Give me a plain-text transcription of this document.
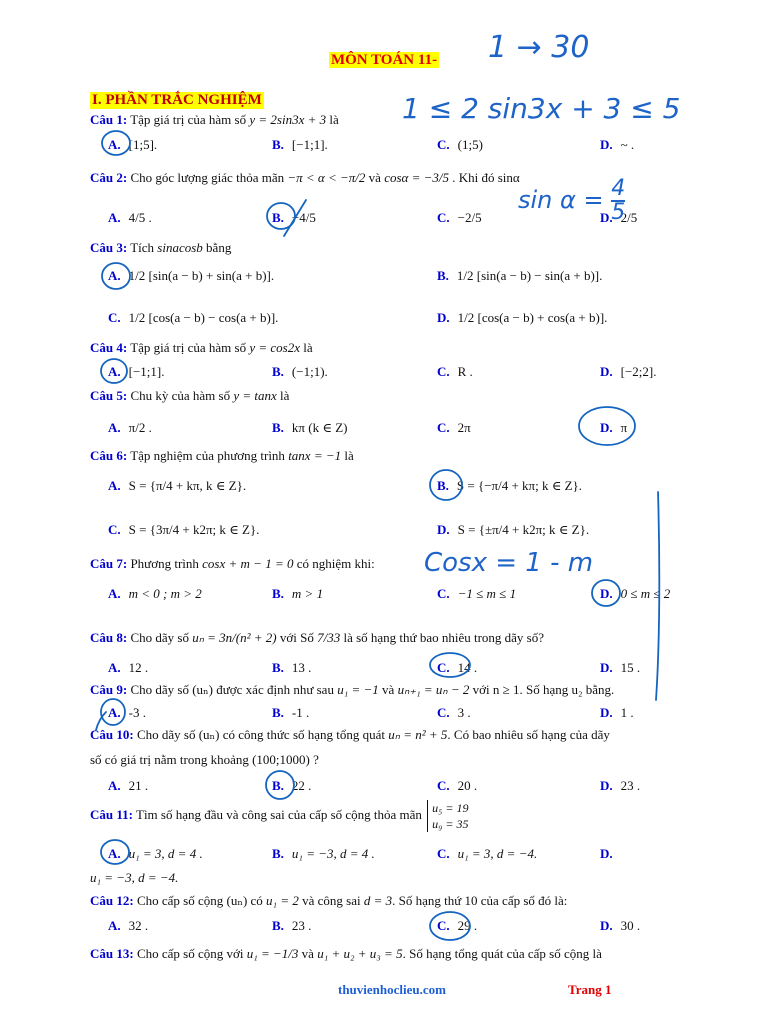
MÔN TOÁN 11-
I. PHẦN TRẮC NGHIỆM
Câu 1: Tập giá trị của hàm số y = 2sin3x + 3 là
A. [1;5].	B. [−1;1].	C. (1;5)	D. ~ .
Câu 2: Cho góc lượng giác thỏa mãn −π < α < −π/2 và cosα = −3/5 . Khi đó sinα
A. 4/5 .	B. −4/5	C. −2/5	D. 2/5
Câu 3: Tích sinacosb bằng
A. 1/2 [sin(a − b) + sin(a + b)].	B. 1/2 [sin(a − b) − sin(a + b)].
C. 1/2 [cos(a − b) − cos(a + b)].	D. 1/2 [cos(a − b) + cos(a + b)].
Câu 4: Tập giá trị của hàm số y = cos2x là
A. [−1;1].	B. (−1;1).	C. R .	D. [−2;2].
Câu 5: Chu kỳ của hàm số y = tanx là
A. π/2 .	B. kπ (k ∈ Z)	C. 2π	D. π
Câu 6: Tập nghiệm của phương trình tanx = −1 là
A. S = {π/4 + kπ, k ∈ Z}.	B. S = {−π/4 + kπ; k ∈ Z}.
C. S = {3π/4 + k2π; k ∈ Z}.	D. S = {±π/4 + k2π; k ∈ Z}.
Câu 7: Phương trình cosx + m − 1 = 0 có nghiệm khi:
A. m < 0 ; m > 2	B. m > 1	C. −1 ≤ m ≤ 1	D. 0 ≤ m ≤ 2
Câu 8: Cho dãy số uₙ = 3n/(n² + 2) với Số 7/33 là số hạng thứ bao nhiêu trong dãy số?
A. 12 .	B. 13 .	C. 14 .	D. 15 .
Câu 9: Cho dãy số (uₙ) được xác định như sau u₁ = −1 và uₙ₊₁ = uₙ − 2 với n ≥ 1. Số hạng u₂ bằng.
A. -3 .	B. -1 .	C. 3 .	D. 1 .
Câu 10: Cho dãy số (uₙ) có công thức số hạng tổng quát uₙ = n² + 5. Có bao nhiêu số hạng của dãy
số có giá trị nằm trong khoảng (100;1000) ?
A. 21 .	B. 22 .	C. 20 .	D. 23 .
Câu 11: Tìm số hạng đầu và công sai của cấp số cộng thỏa mãn u₅ = 19
u₉ = 35
A. u₁ = 3, d = 4 .	B. u₁ = −3, d = 4 .	C. u₁ = 3, d = −4.	D.
u₁ = −3, d = −4.
Câu 12: Cho cấp số cộng (uₙ) có u₁ = 2 và công sai d = 3. Số hạng thứ 10 của cấp số đó là:
A. 32 .	B. 23 .	C. 29 .	D. 30 .
Câu 13: Cho cấp số cộng với u₁ = −1/3 và u₁ + u₂ + u₃ = 5. Số hạng tổng quát của cấp số cộng là
1 → 30
1 ≤ 2 sin3x + 3 ≤ 5
$\sin \alpha = \frac{4}{5}$
Cosx = 1 - m
thuvienhoclieu.com	Trang 1
